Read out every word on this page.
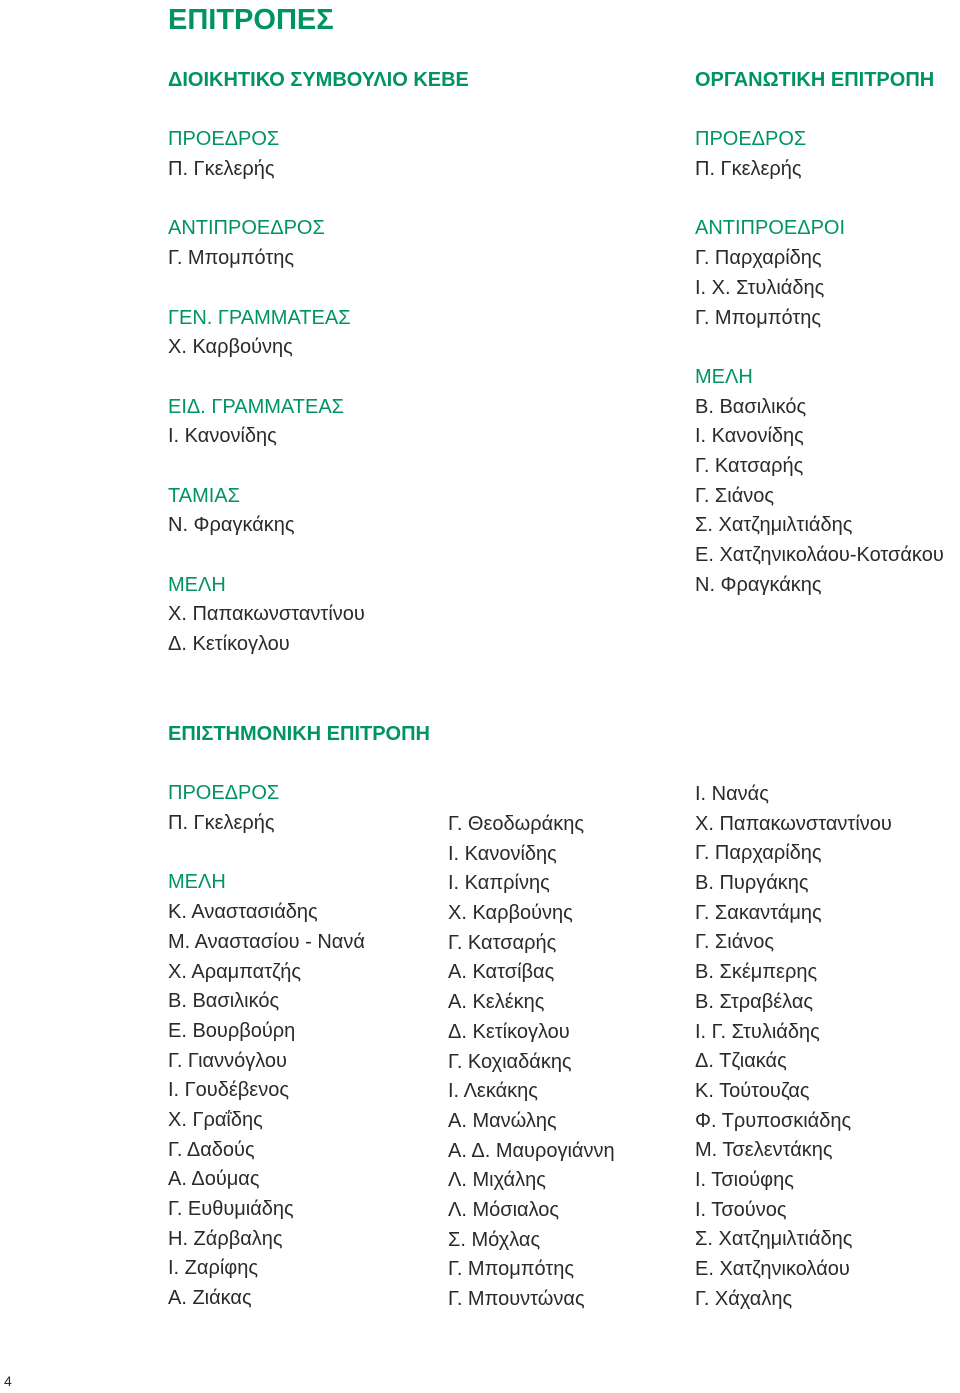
ΕΠΙΤΡΟΠΕΣ
ΔΙΟΙΚΗΤΙΚΟ ΣΥΜΒΟΥΛΙΟ ΚΕΒΕ
ΠΡΟΕΔΡΟΣ
Π. Γκελερής
ΑΝΤΙΠΡΟΕΔΡΟΣ
Γ. Μπομπότης
ΓΕΝ. ΓΡΑΜΜΑΤΕΑΣ
Χ. Καρβούνης
ΕΙΔ. ΓΡΑΜΜΑΤΕΑΣ
Ι. Κανονίδης
ΤΑΜΙΑΣ
Ν. Φραγκάκης
ΜΕΛΗ
Χ. Παπακωνσταντίνου
Δ. Κετίκογλου
ΟΡΓΑΝΩΤΙΚΗ ΕΠΙΤΡΟΠΗ
ΠΡΟΕΔΡΟΣ
Π. Γκελερής
ΑΝΤΙΠΡΟΕΔΡΟΙ
Γ. Παρχαρίδης
Ι. Χ. Στυλιάδης
Γ. Μπομπότης
ΜΕΛΗ
Β. Βασιλικός
Ι. Κανονίδης
Γ. Κατσαρής
Γ. Σιάνος
Σ. Χατζημιλτιάδης
Ε. Χατζηνικολάου-Κοτσάκου
Ν. Φραγκάκης
ΕΠΙΣΤΗΜΟΝΙΚΗ ΕΠΙΤΡΟΠΗ
ΠΡΟΕΔΡΟΣ
Π. Γκελερής
ΜΕΛΗ
Κ. Αναστασιάδης
Μ. Αναστασίου - Νανά
Χ. Αραμπατζής
Β. Βασιλικός
Ε. Βουρβούρη
Γ. Γιαννόγλου
Ι. Γουδέβενος
Χ. Γραΐδης
Γ. Δαδούς
Α. Δούμας
Γ. Ευθυμιάδης
Η. Ζάρβαλης
Ι. Ζαρίφης
Α. Ζιάκας
Γ. Θεοδωράκης
Ι. Κανονίδης
Ι. Καπρίνης
Χ. Καρβούνης
Γ. Κατσαρής
Α. Κατσίβας
Α. Κελέκης
Δ. Κετίκογλου
Γ. Κοχιαδάκης
Ι. Λεκάκης
Α. Μανώλης
Α. Δ. Μαυρογιάννη
Λ. Μιχάλης
Λ. Μόσιαλος
Σ. Μόχλας
Γ. Μπομπότης
Γ. Μπουντώνας
Ι. Νανάς
Χ. Παπακωνσταντίνου
Γ. Παρχαρίδης
Β. Πυργάκης
Γ. Σακαντάμης
Γ. Σιάνος
Β. Σκέμπερης
Β. Στραβέλας
Ι. Γ. Στυλιάδης
Δ. Τζιακάς
Κ. Τούτουζας
Φ. Τρυποσκιάδης
Μ. Τσελεντάκης
Ι. Τσιούφης
Ι. Τσούνος
Σ. Χατζημιλτιάδης
Ε. Χατζηνικολάου
Γ. Χάχαλης
4
